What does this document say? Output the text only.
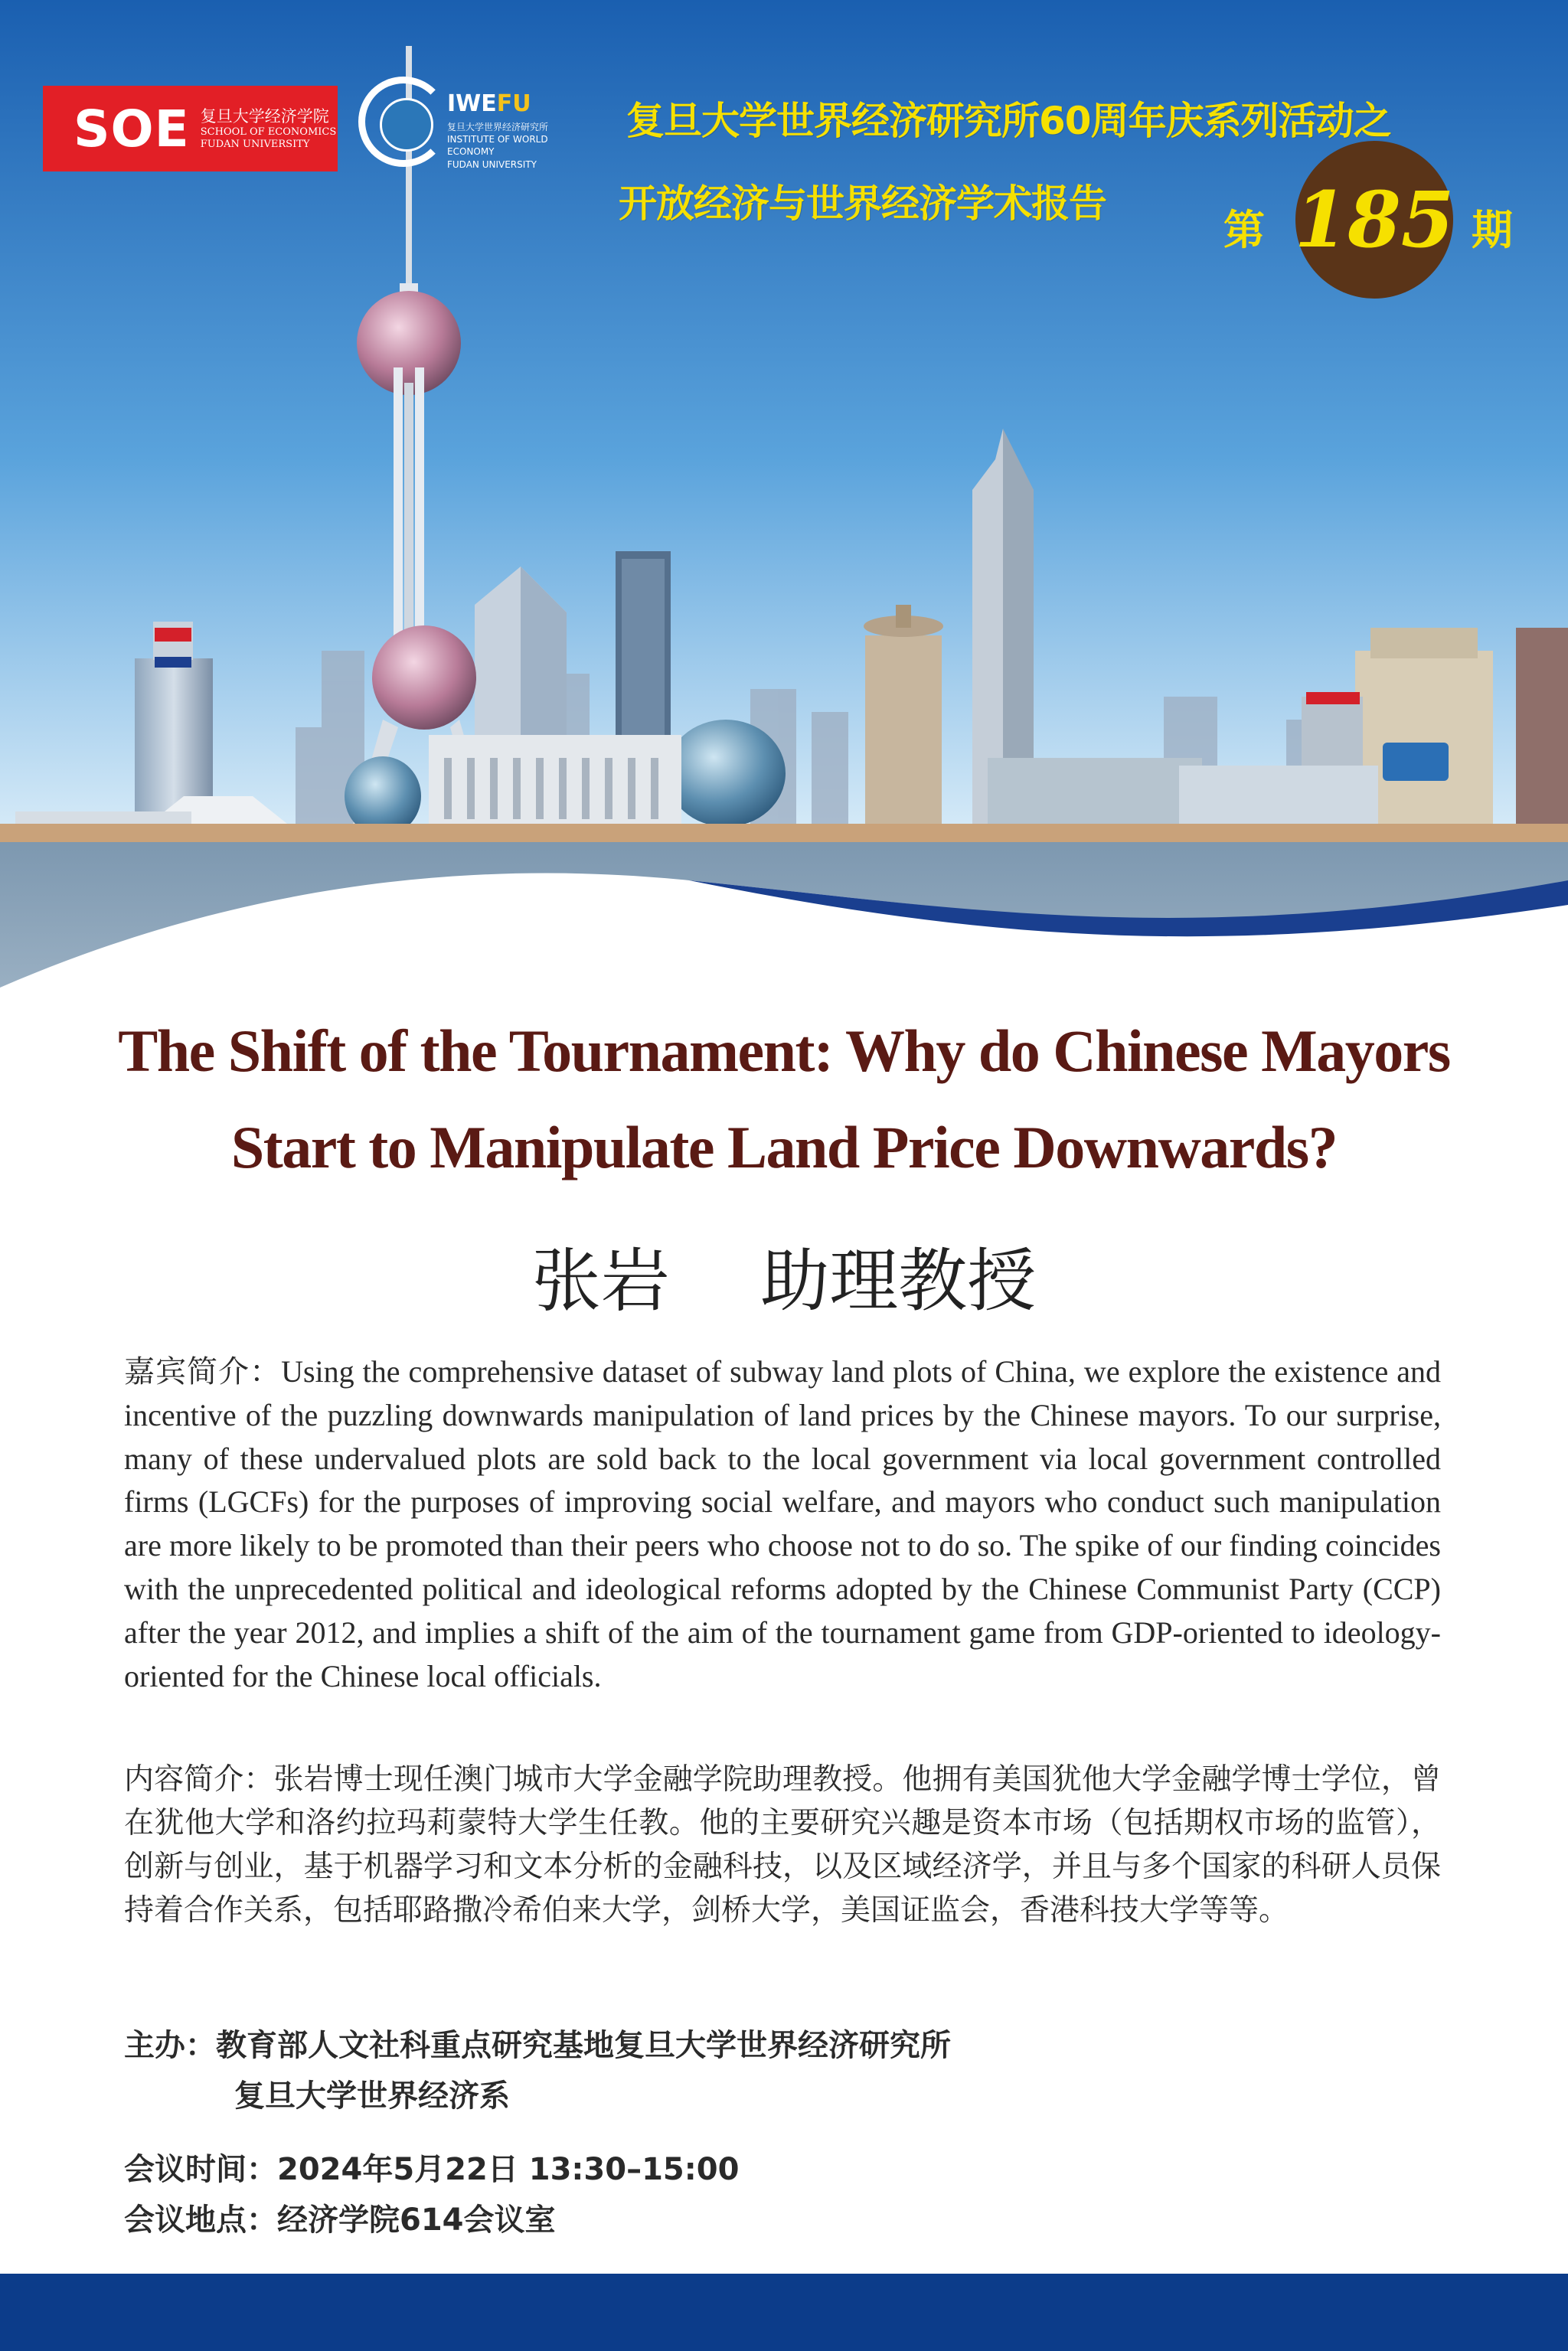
SOE 复旦大学经济学院
SCHOOL OF ECONOMICS
FUDAN UNIVERSITY
IWEFU
复旦大学世界经济研究所
INSTITUTE OF WORLD ECONOMY
FUDAN UNIVERSITY
复旦大学世界经济研究所60周年庆系列活动之
开放经济与世界经济学术报告
第 185 期
The Shift of the Tournament: Why do Chinese Mayors Start to Manipulate Land Price Downwards?
张岩　 助理教授
嘉宾简介：Using the comprehensive dataset of subway land plots of China, we explore the existence and incentive of the puzzling downwards manipulation of land prices by the Chinese mayors. To our surprise, many of these undervalued plots are sold back to the local government via local government controlled firms (LGCFs) for the purposes of improving social welfare, and mayors who conduct such manipulation are more likely to be promoted than their peers who choose not to do so. The spike of our finding coincides with the unprecedented political and ideological reforms adopted by the Chinese Communist Party (CCP) after the year 2012, and implies a shift of the aim of the tournament game from GDP-oriented to ideology-oriented for the Chinese local officials.
内容简介：张岩博士现任澳门城市大学金融学院助理教授。他拥有美国犹他大学金融学博士学位，曾在犹他大学和洛约拉玛莉蒙特大学生任教。他的主要研究兴趣是资本市场（包括期权市场的监管），创新与创业，基于机器学习和文本分析的金融科技，以及区域经济学，并且与多个国家的科研人员保持着合作关系，包括耶路撒冷希伯来大学，剑桥大学，美国证监会，香港科技大学等等。
主办：教育部人文社科重点研究基地复旦大学世界经济研究所
复旦大学世界经济系
会议时间：2024年5月22日 13:30–15:00
会议地点：经济学院614会议室
